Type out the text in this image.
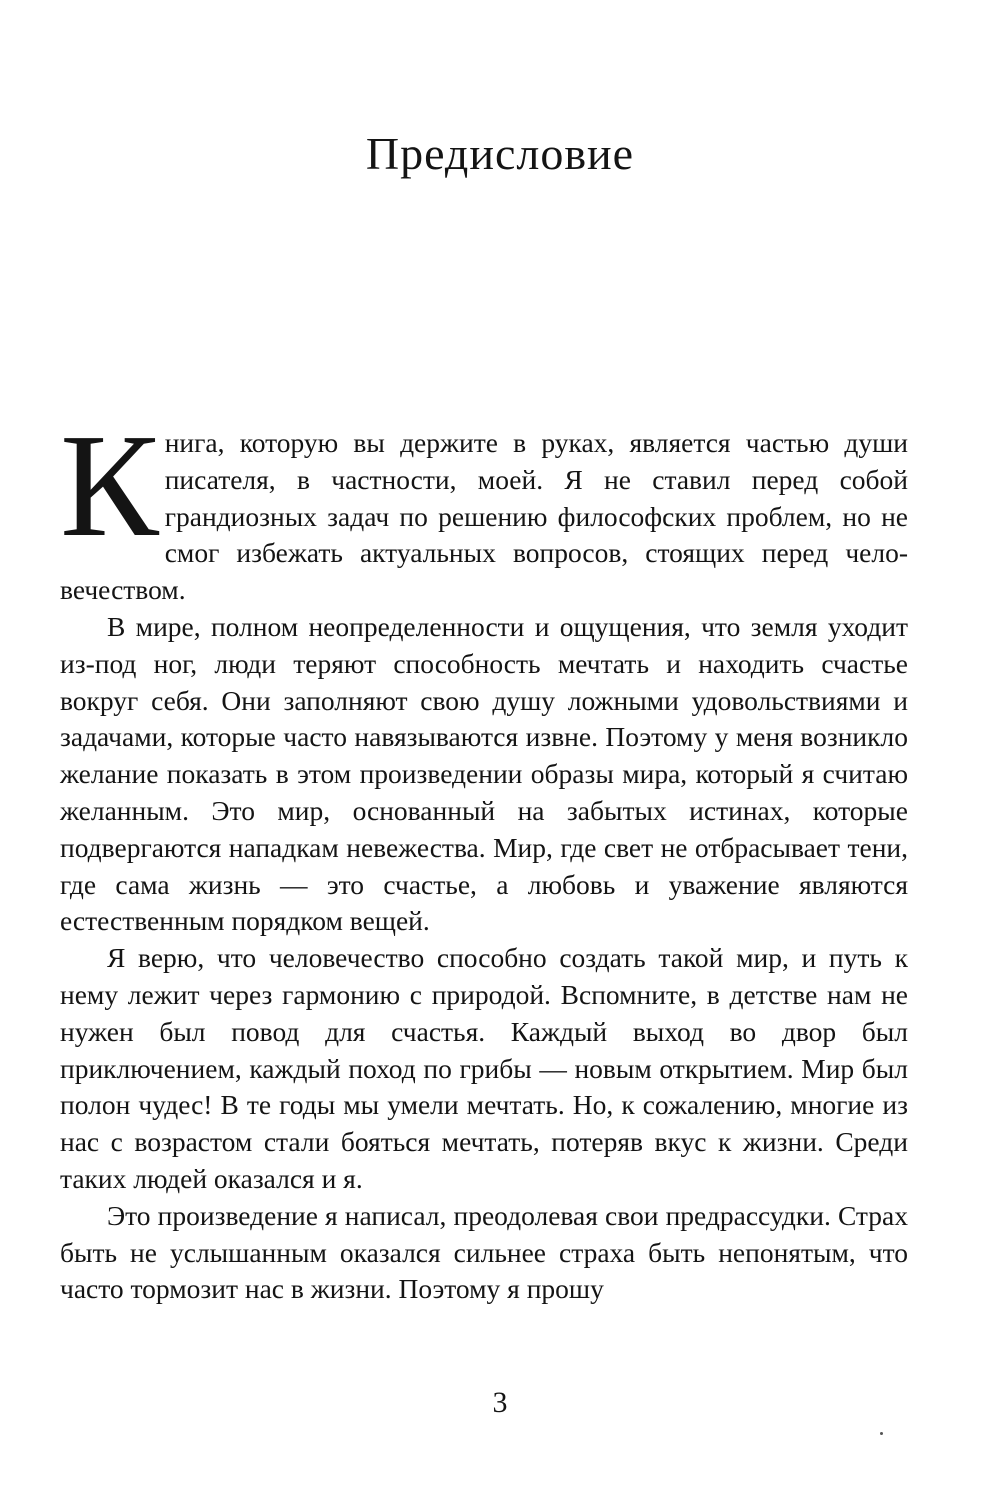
Предисловие

Книга, которую вы держите в руках, является частью души писателя, в частности, моей. Я не ставил перед собой грандиозных задач по решению философских проблем, но не смог избежать актуальных вопросов, стоящих перед человечеством.

В мире, полном неопределенности и ощущения, что земля уходит из-под ног, люди теряют способность мечтать и находить счастье вокруг себя. Они заполняют свою душу ложными удовольствиями и задачами, которые часто навязываются извне. Поэтому у меня возникло желание показать в этом произведении образы мира, который я считаю желанным. Это мир, основанный на забытых истинах, которые подвергаются нападкам невежества. Мир, где свет не отбрасывает тени, где сама жизнь — это счастье, а любовь и уважение являются естественным порядком вещей.

Я верю, что человечество способно создать такой мир, и путь к нему лежит через гармонию с природой. Вспомните, в детстве нам не нужен был повод для счастья. Каждый выход во двор был приключением, каждый поход по грибы — новым открытием. Мир был полон чудес! В те годы мы умели мечтать. Но, к сожалению, многие из нас с возрастом стали бояться мечтать, потеряв вкус к жизни. Среди таких людей оказался и я.

Это произведение я написал, преодолевая свои предрассудки. Страх быть не услышанным оказался сильнее страха быть непонятым, что часто тормозит нас в жизни. Поэтому я прошу

3
